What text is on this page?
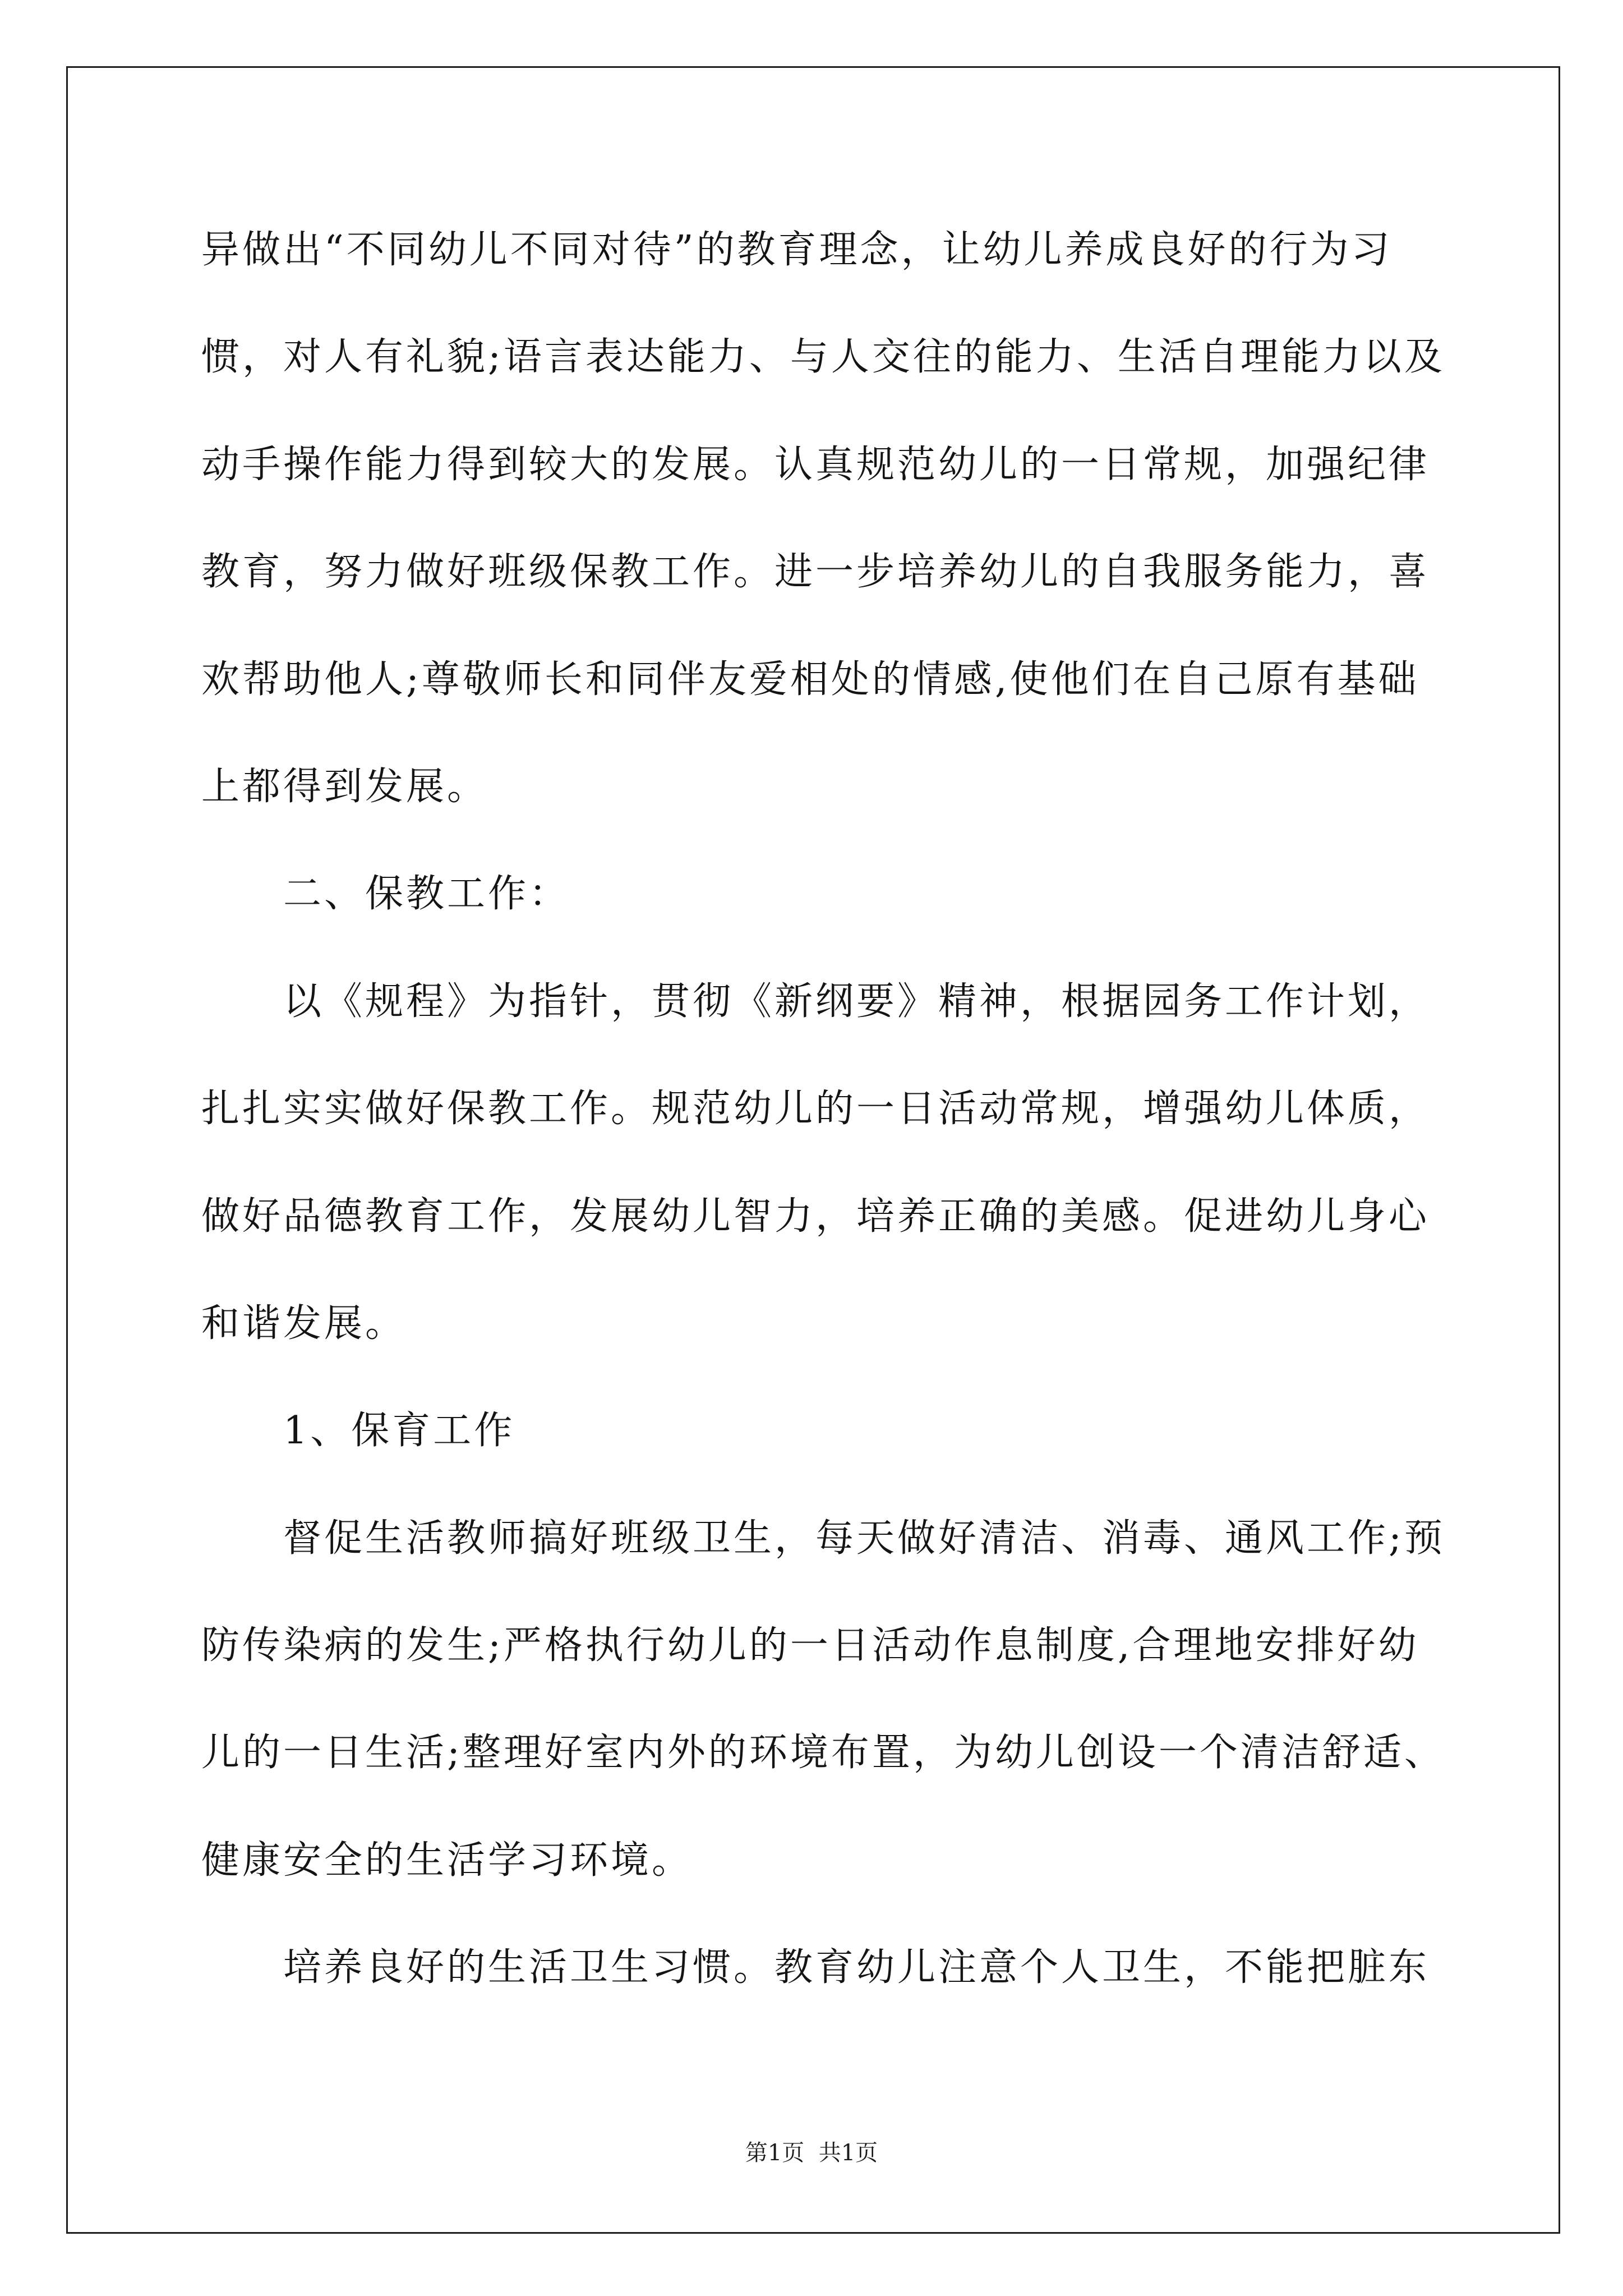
异做出“不同幼儿不同对待”的教育理念，让幼儿养成良好的行为习
惯，对人有礼貌;语言表达能力、与人交往的能力、生活自理能力以及
动手操作能力得到较大的发展。认真规范幼儿的一日常规，加强纪律
教育，努力做好班级保教工作。进一步培养幼儿的自我服务能力，喜
欢帮助他人;尊敬师长和同伴友爱相处的情感,使他们在自己原有基础
上都得到发展。
二、保教工作：
以《规程》为指针，贯彻《新纲要》精神，根据园务工作计划，
扎扎实实做好保教工作。规范幼儿的一日活动常规，增强幼儿体质，
做好品德教育工作，发展幼儿智力，培养正确的美感。促进幼儿身心
和谐发展。
1、保育工作
督促生活教师搞好班级卫生，每天做好清洁、消毒、通风工作;预
防传染病的发生;严格执行幼儿的一日活动作息制度,合理地安排好幼
儿的一日生活;整理好室内外的环境布置，为幼儿创设一个清洁舒适、
健康安全的生活学习环境。
培养良好的生活卫生习惯。教育幼儿注意个人卫生，不能把脏东
第1页  共1页
